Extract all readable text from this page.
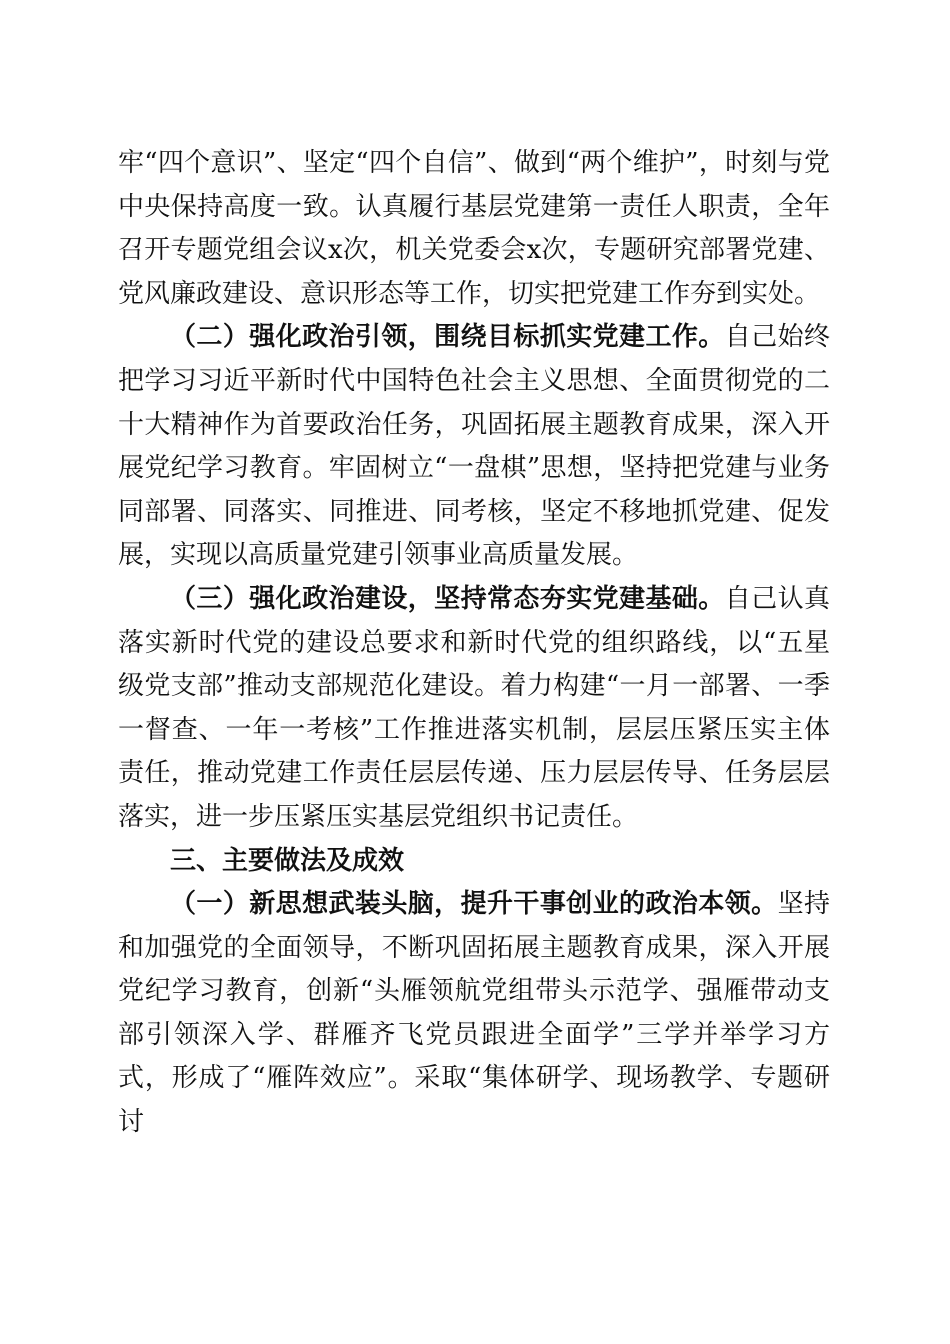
牢“四个意识”、坚定“四个自信”、做到“两个维护”，时刻与党中央保持高度一致。认真履行基层党建第一责任人职责，全年召开专题党组会议x次，机关党委会x次，专题研究部署党建、党风廉政建设、意识形态等工作，切实把党建工作夯到实处。

（二）强化政治引领，围绕目标抓实党建工作。自己始终把学习习近平新时代中国特色社会主义思想、全面贯彻党的二十大精神作为首要政治任务，巩固拓展主题教育成果，深入开展党纪学习教育。牢固树立“一盘棋”思想，坚持把党建与业务同部署、同落实、同推进、同考核，坚定不移地抓党建、促发展，实现以高质量党建引领事业高质量发展。

（三）强化政治建设，坚持常态夯实党建基础。自己认真落实新时代党的建设总要求和新时代党的组织路线，以“五星级党支部”推动支部规范化建设。着力构建“一月一部署、一季一督查、一年一考核”工作推进落实机制，层层压紧压实主体责任，推动党建工作责任层层传递、压力层层传导、任务层层落实，进一步压紧压实基层党组织书记责任。

三、主要做法及成效

（一）新思想武装头脑，提升干事创业的政治本领。坚持和加强党的全面领导，不断巩固拓展主题教育成果，深入开展党纪学习教育，创新“头雁领航党组带头示范学、强雁带动支部引领深入学、群雁齐飞党员跟进全面学”三学并举学习方式，形成了“雁阵效应”。采取“集体研学、现场教学、专题研讨
